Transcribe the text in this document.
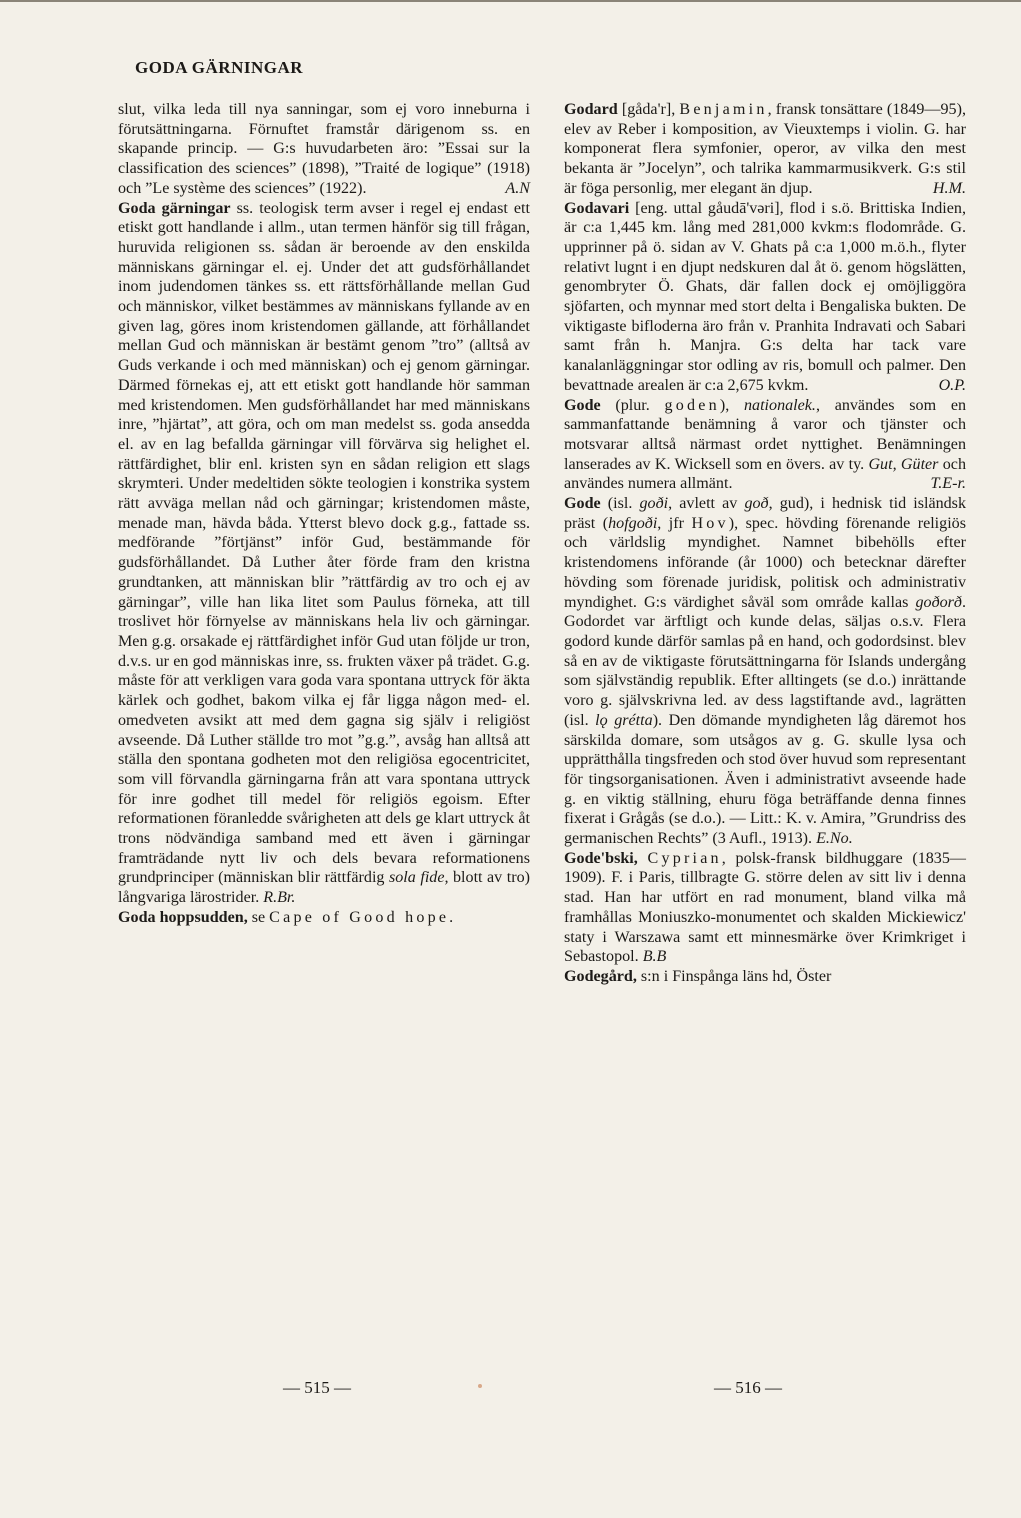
GODA GÄRNINGAR

slut, vilka leda till nya sanningar, som ej voro inneburna i förutsättningarna. Förnuftet framstår därigenom ss. en skapande princip. — G:s huvudarbeten äro: ”Essai sur la classification des sciences” (1898), ”Traité de logique” (1918) och ”Le système des sciences” (1922).	A.N

Goda gärningar ss. teologisk term avser i regel ej endast ett etiskt gott handlande i allm., utan termen hänför sig till frågan, huruvida religionen ss. sådan är beroende av den enskilda människans gärningar el. ej. Under det att gudsförhållandet inom judendomen tänkes ss. ett rättsförhållande mellan Gud och människor, vilket bestämmes av människans fyllande av en given lag, göres inom kristendomen gällande, att förhållandet mellan Gud och människan är bestämt genom ”tro” (alltså av Guds verkande i och med människan) och ej genom gärningar. Därmed förnekas ej, att ett etiskt gott handlande hör samman med kristendomen. Men gudsförhållandet har med människans inre, ”hjärtat”, att göra, och om man medelst ss. goda ansedda el. av en lag befallda gärningar vill förvärva sig helighet el. rättfärdighet, blir enl. kristen syn en sådan religion ett slags skrymteri. Under medeltiden sökte teologien i konstrika system rätt avväga mellan nåd och gärningar; kristendomen måste, menade man, hävda båda. Ytterst blevo dock g.g., fattade ss. medförande ”förtjänst” inför Gud, bestämmande för gudsförhållandet. Då Luther åter förde fram den kristna grundtanken, att människan blir ”rättfärdig av tro och ej av gärningar”, ville han lika litet som Paulus förneka, att till troslivet hör förnyelse av människans hela liv och gärningar. Men g.g. orsakade ej rättfärdighet inför Gud utan följde ur tron, d.v.s. ur en god människas inre, ss. frukten växer på trädet. G.g. måste för att verkligen vara goda vara spontana uttryck för äkta kärlek och godhet, bakom vilka ej får ligga någon med- el. omedveten avsikt att med dem gagna sig själv i religiöst avseende. Då Luther ställde tro mot ”g.g.”, avsåg han alltså att ställa den spontana godheten mot den religiösa egocentricitet, som vill förvandla gärningarna från att vara spontana uttryck för inre godhet till medel för religiös egoism. Efter reformationen föranledde svårigheten att dels ge klart uttryck åt trons nödvändiga samband med ett även i gärningar framträdande nytt liv och dels bevara reformationens grundprinciper (människan blir rättfärdig sola fide, blott av tro) långvariga lärostrider. R.Br.

Goda hoppsudden, se Cape of Good hope.

Godard [gåda'r], Benjamin, fransk tonsättare (1849—95), elev av Reber i komposition, av Vieuxtemps i violin. G. har komponerat flera symfonier, operor, av vilka den mest bekanta är ”Jocelyn”, och talrika kammarmusikverk. G:s stil är föga personlig, mer elegant än djup.	H.M.

Godavari [eng. uttal gåudā'vəri], flod i s.ö. Brittiska Indien, är c:a 1,445 km. lång med 281,000 kvkm:s flodområde. G. upprinner på ö. sidan av V. Ghats på c:a 1,000 m.ö.h., flyter relativt lugnt i en djupt nedskuren dal åt ö. genom högslätten, genombryter Ö. Ghats, där fallen dock ej omöjliggöra sjöfarten, och mynnar med stort delta i Bengaliska bukten. De viktigaste bifloderna äro från v. Pranhita Indravati och Sabari samt från h. Manjra. G:s delta har tack vare kanalanläggningar stor odling av ris, bomull och palmer. Den bevattnade arealen är c:a 2,675 kvkm.	O.P.

Gode (plur. goden), nationalek., användes som en sammanfattande benämning å varor och tjänster och motsvarar alltså närmast ordet nyttighet. Benämningen lanserades av K. Wicksell som en övers. av ty. Gut, Güter och användes numera allmänt.	T.E-r.

Gode (isl. goði, avlett av goð, gud), i hednisk tid isländsk präst (hofgoði, jfr Hov), spec. hövding förenande religiös och världslig myndighet. Namnet bibehölls efter kristendomens införande (år 1000) och betecknar därefter hövding som förenade juridisk, politisk och administrativ myndighet. G:s värdighet såväl som område kallas goðorð. Godordet var ärftligt och kunde delas, säljas o.s.v. Flera godord kunde därför samlas på en hand, och godordsinst. blev så en av de viktigaste förutsättningarna för Islands undergång som självständig republik. Efter alltingets (se d.o.) inrättande voro g. självskrivna led. av dess lagstiftande avd., lagrätten (isl. lǫ grétta). Den dömande myndigheten låg däremot hos särskilda domare, som utsågos av g. G. skulle lysa och upprätthålla tingsfreden och stod över huvud som representant för tingsorganisationen. Även i administrativt avseende hade g. en viktig ställning, ehuru föga beträffande denna finnes fixerat i Grågås (se d.o.). — Litt.: K. v. Amira, ”Grundriss des germanischen Rechts” (3 Aufl., 1913). E.No.

Gode'bski, Cyprian, polsk-fransk bildhuggare (1835—1909). F. i Paris, tillbragte G. större delen av sitt liv i denna stad. Han har utfört en rad monument, bland vilka må framhållas Moniuszko-monumentet och skalden Mickiewicz' staty i Warszawa samt ett minnesmärke över Krimkriget i Sebastopol. B.B

Godegård, s:n i Finspånga läns hd, Öster

— 515 —	— 516 —
